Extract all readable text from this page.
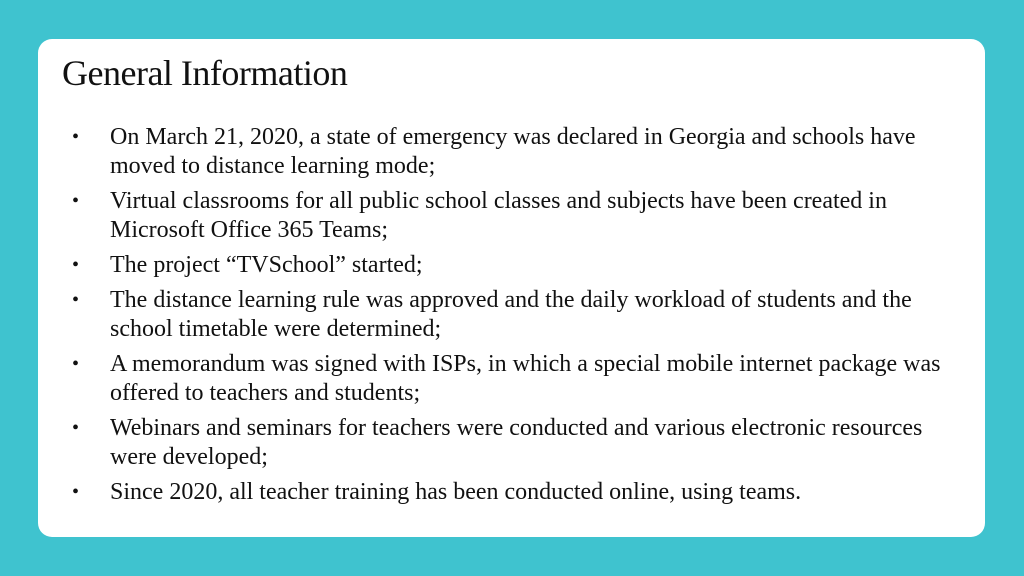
General Information
• On March 21, 2020, a state of emergency was declared in Georgia and schools have moved to distance learning mode;
• Virtual classrooms for all public school classes and subjects have been created in Microsoft Office 365 Teams;
• The project “TVSchool” started;
• The distance learning rule was approved and the daily workload of students and the school timetable were determined;
• A memorandum was signed with ISPs, in which a special mobile internet package was offered to teachers and students;
• Webinars and seminars for teachers were conducted and various electronic resources were developed;
• Since 2020, all teacher training has been conducted online, using teams.
